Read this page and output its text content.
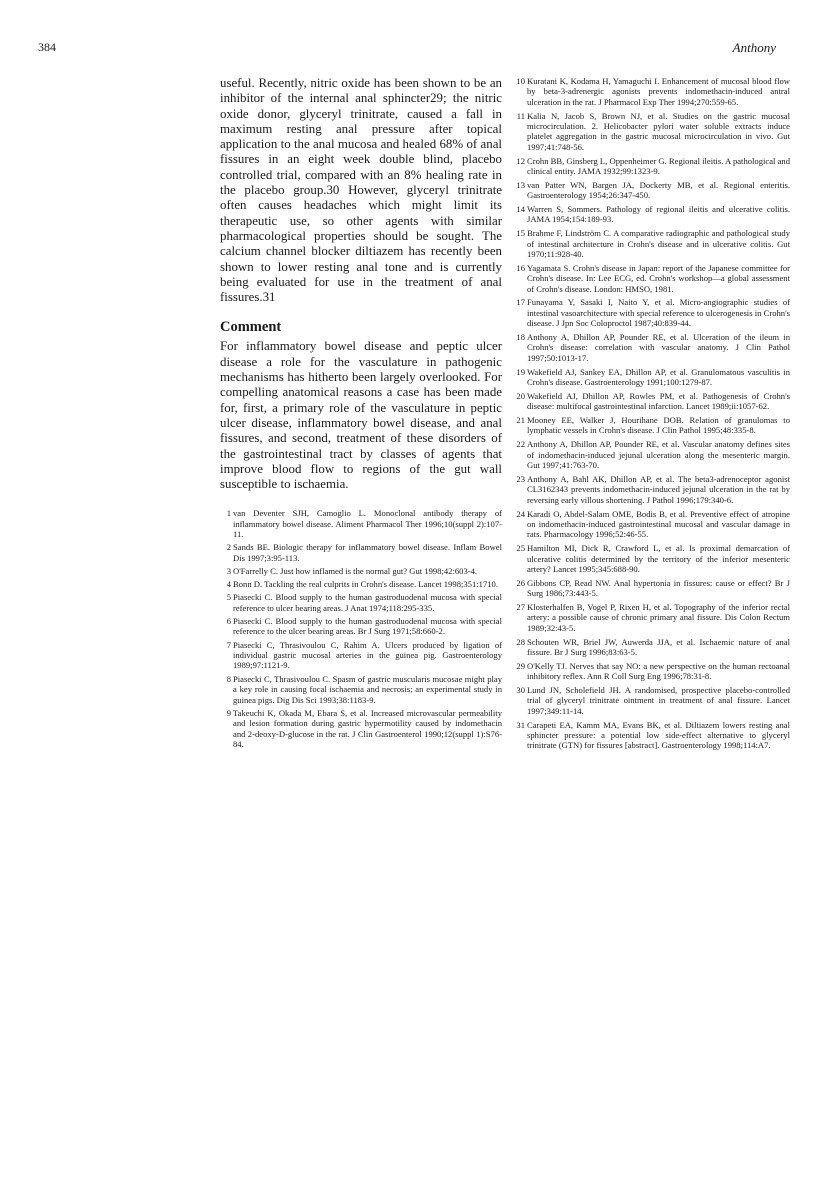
384	Anthony

useful. Recently, nitric oxide has been shown to be an inhibitor of the internal anal sphincter29; the nitric oxide donor, glyceryl trinitrate, caused a fall in maximum resting anal pressure after topical application to the anal mucosa and healed 68% of anal fissures in an eight week double blind, placebo controlled trial, compared with an 8% healing rate in the placebo group.30 However, glyceryl trinitrate often causes headaches which might limit its therapeutic use, so other agents with similar pharmacological properties should be sought. The calcium channel blocker diltiazem has recently been shown to lower resting anal tone and is currently being evaluated for use in the treatment of anal fissures.31

Comment

For inflammatory bowel disease and peptic ulcer disease a role for the vasculature in pathogenic mechanisms has hitherto been largely overlooked. For compelling anatomical reasons a case has been made for, first, a primary role of the vasculature in peptic ulcer disease, inflammatory bowel disease, and anal fissures, and second, treatment of these disorders of the gastrointestinal tract by classes of agents that improve blood flow to regions of the gut wall susceptible to ischaemia.

1 van Deventer SJH, Camoglio L. Monoclonal antibody therapy of inflammatory bowel disease. Aliment Pharmacol Ther 1996;10(suppl 2):107-11.
2 Sands BE. Biologic therapy for inflammatory bowel disease. Inflam Bowel Dis 1997;3:95-113.
3 O'Farrelly C. Just how inflamed is the normal gut? Gut 1998;42:603-4.
4 Bonn D. Tackling the real culprits in Crohn's disease. Lancet 1998;351:1710.
5 Piasecki C. Blood supply to the human gastroduodenal mucosa with special reference to ulcer bearing areas. J Anat 1974;118:295-335.
6 Piasecki C. Blood supply to the human gastroduodenal mucosa with special reference to the ulcer bearing areas. Br J Surg 1971;58:660-2.
7 Piasecki C, Thrasivoulou C, Rahim A. Ulcers produced by ligation of individual gastric mucosal arteries in the guinea pig. Gastroenterology 1989;97:1121-9.
8 Piasecki C, Thrasivoulou C. Spasm of gastric muscularis mucosae might play a key role in causing focal ischaemia and necrosis; an experimental study in guinea pigs. Dig Dis Sci 1993;38:1183-9.
9 Takeuchi K, Okada M, Ebara S, et al. Increased microvascular permeability and lesion formation during gastric hypermotility caused by indomethacin and 2-deoxy-D-glucose in the rat. J Clin Gastroenterol 1990;12(suppl 1):S76-84.
10 Kuratani K, Kodama H, Yamaguchi I. Enhancement of mucosal blood flow by beta-3-adrenergic agonists prevents indomethacin-induced antral ulceration in the rat. J Pharmacol Exp Ther 1994;270:559-65.
11 Kalia N, Jacob S, Brown NJ, et al. Studies on the gastric mucosal microcirculation. 2. Helicobacter pylori water soluble extracts induce platelet aggregation in the gastric mucosal microcirculation in vivo. Gut 1997;41:748-56.
12 Crohn BB, Ginsberg L, Oppenheimer G. Regional ileitis. A pathological and clinical entity. JAMA 1932;99:1323-9.
13 van Patter WN, Bargen JA, Dockerty MB, et al. Regional enteritis. Gastroenterology 1954;26:347-450.
14 Warren S, Sommers. Pathology of regional ileitis and ulcerative colitis. JAMA 1954;154:189-93.
15 Brahme F, Lindström C. A comparative radiographic and pathological study of intestinal architecture in Crohn's disease and in ulcerative colitis. Gut 1970;11:928-40.
16 Yagamata S. Crohn's disease in Japan: report of the Japanese committee for Crohn's disease. In: Lee ECG, ed. Crohn's workshop—a global assessment of Crohn's disease. London: HMSO, 1981.
17 Funayama Y, Sasaki I, Naito Y, et al. Micro-angiographic studies of intestinal vasoarchitecture with special reference to ulcerogenesis in Crohn's disease. J Jpn Soc Coloproctol 1987;40:839-44.
18 Anthony A, Dhillon AP, Pounder RE, et al. Ulceration of the ileum in Crohn's disease: correlation with vascular anatomy. J Clin Pathol 1997;50:1013-17.
19 Wakefield AJ, Sankey EA, Dhillon AP, et al. Granulomatous vasculitis in Crohn's disease. Gastroenterology 1991;100:1279-87.
20 Wakefield AJ, Dhillon AP, Rowles PM, et al. Pathogenesis of Crohn's disease: multifocal gastrointestinal infarction. Lancet 1989;ii:1057-62.
21 Mooney EE, Walker J, Hourihane DOB. Relation of granulomas to lymphatic vessels in Crohn's disease. J Clin Pathol 1995;48:335-8.
22 Anthony A, Dhillon AP, Pounder RE, et al. Vascular anatomy defines sites of indomethacin-induced jejunal ulceration along the mesenteric margin. Gut 1997;41:763-70.
23 Anthony A, Bahl AK, Dhillon AP, et al. The beta3-adrenoceptor agonist CL3162343 prevents indomethacin-induced jejunal ulceration in the rat by reversing early villous shortening. J Pathol 1996;179:340-6.
24 Karadi O, Abdel-Salam OME, Bodis B, et al. Preventive effect of atropine on indomethacin-induced gastrointestinal mucosal and vascular damage in rats. Pharmacology 1996;52:46-55.
25 Hamilton MI, Dick R, Crawford L, et al. Is proximal demarcation of ulcerative colitis determined by the territory of the inferior mesenteric artery? Lancet 1995;345:688-90.
26 Gibbons CP, Read NW. Anal hypertonia in fissures: cause or effect? Br J Surg 1986;73:443-5.
27 Klosterhalfen B, Vogel P, Rixen H, et al. Topography of the inferior rectal artery: a possible cause of chronic primary anal fissure. Dis Colon Rectum 1989;32:43-5.
28 Schouten WR, Briel JW, Auwerda JJA, et al. Ischaemic nature of anal fissure. Br J Surg 1996;83:63-5.
29 O'Kelly TJ. Nerves that say NO: a new perspective on the human rectoanal inhibitory reflex. Ann R Coll Surg Eng 1996;78:31-8.
30 Lund JN, Scholefield JH. A randomised, prospective placebo-controlled trial of glyceryl trinitrate ointment in treatment of anal fissure. Lancet 1997;349:11-14.
31 Carapeti EA, Kamm MA, Evans BK, et al. Diltiazem lowers resting anal sphincter pressure: a potential low side-effect alternative to glyceryl trinitrate (GTN) for fissures [abstract]. Gastroenterology 1998;114:A7.
